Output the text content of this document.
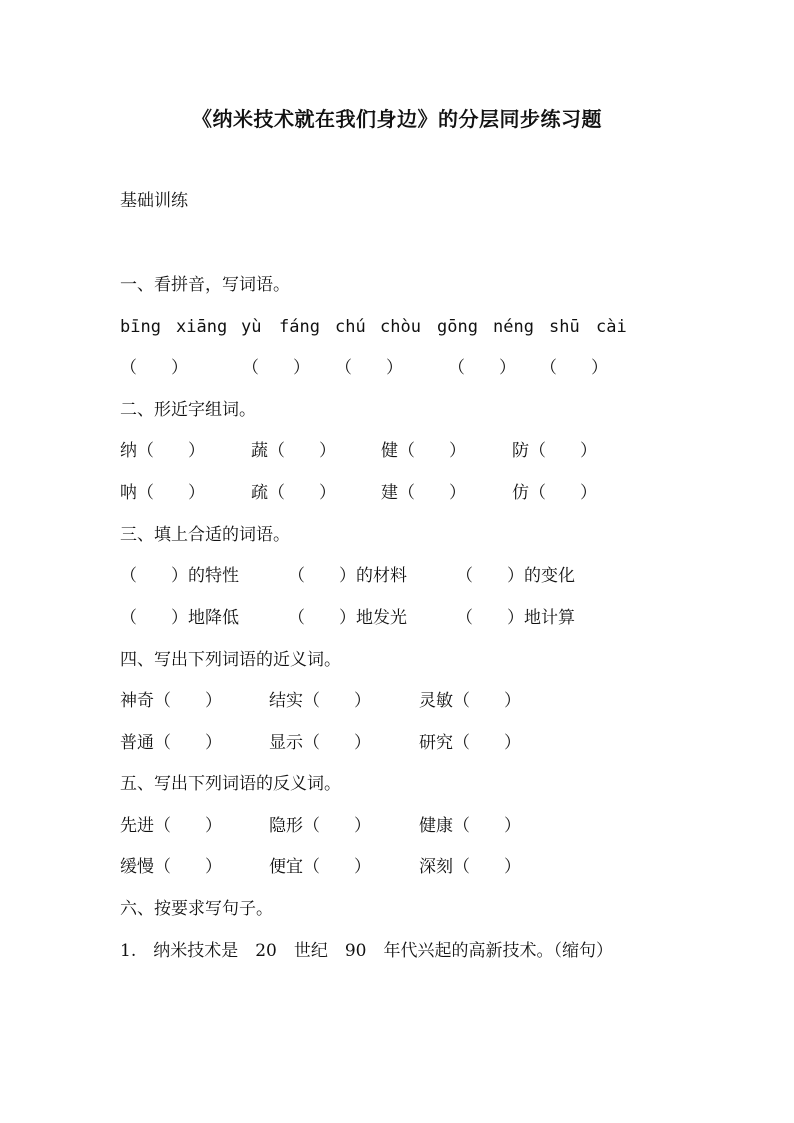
《纳米技术就在我们身边》的分层同步练习题
基础训练
一、看拼音，写词语。
bīng xiāng yù fáng chú chòu gōng néng shū cài
（　　）	（　　） （　　）	（　　） （　　）
二、形近字组词。
纳（　　）	蔬（　　）	健（　　）	防（　　）
呐（　　）	疏（　　）	建（　　）	仿（　　）
三、填上合适的词语。
（　　）的特性	（　　）的材料	（　　）的变化
（　　）地降低	（　　）地发光	（　　）地计算
四、写出下列词语的近义词。
神奇（　　）	结实（　　）	灵敏（　　）
普通（　　）	显示（　　）	研究（　　）
五、写出下列词语的反义词。
先进（　　）	隐形（　　）	健康（　　）
缓慢（　　）	便宜（　　）	深刻（　　）
六、按要求写句子。
1.　纳米技术是　20　世纪　90　年代兴起的高新技术。（缩句）
